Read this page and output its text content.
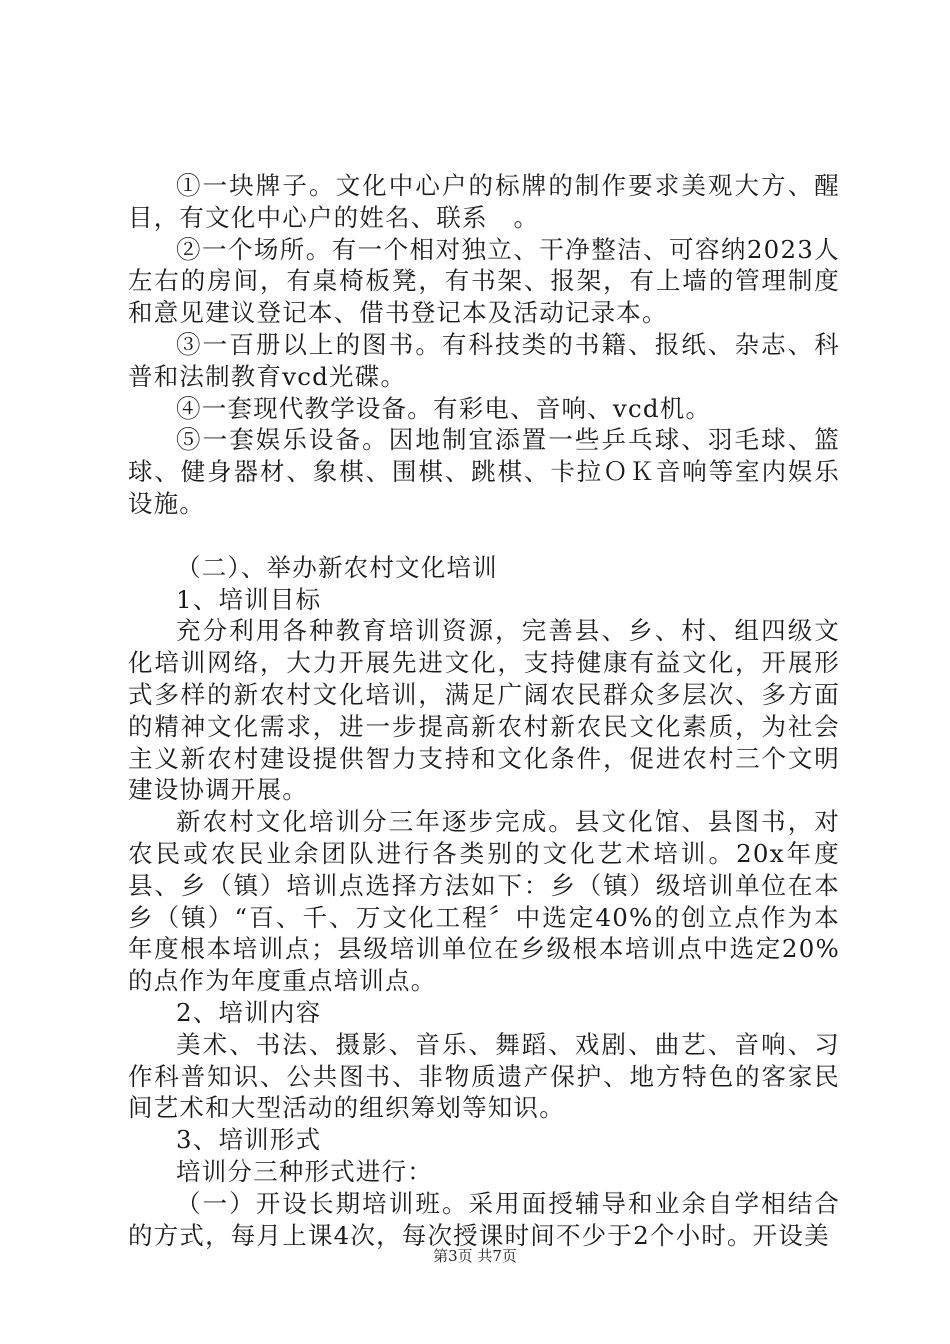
①一块牌子。文化中心户的标牌的制作要求美观大方、醒目，有文化中心户的姓名、联系　。

②一个场所。有一个相对独立、干净整洁、可容纳2023人左右的房间，有桌椅板凳，有书架、报架，有上墙的管理制度和意见建议登记本、借书登记本及活动记录本。

③一百册以上的图书。有科技类的书籍、报纸、杂志、科普和法制教育vcd光碟。

④一套现代教学设备。有彩电、音响、vcd机。

⑤一套娱乐设备。因地制宜添置一些乒乓球、羽毛球、篮球、健身器材、象棋、围棋、跳棋、卡拉ＯＫ音响等室内娱乐设施。

（二）、举办新农村文化培训

1、培训目标

充分利用各种教育培训资源，完善县、乡、村、组四级文化培训网络，大力开展先进文化，支持健康有益文化，开展形式多样的新农村文化培训，满足广阔农民群众多层次、多方面的精神文化需求，进一步提高新农村新农民文化素质，为社会主义新农村建设提供智力支持和文化条件，促进农村三个文明建设协调开展。

新农村文化培训分三年逐步完成。县文化馆、县图书，对农民或农民业余团队进行各类别的文化艺术培训。20x年度县、乡（镇）培训点选择方法如下：乡（镇）级培训单位在本乡（镇）“百、千、万文化工程〞中选定40%的创立点作为本年度根本培训点；县级培训单位在乡级根本培训点中选定20%的点作为年度重点培训点。

2、培训内容

美术、书法、摄影、音乐、舞蹈、戏剧、曲艺、音响、习作科普知识、公共图书、非物质遗产保护、地方特色的客家民间艺术和大型活动的组织筹划等知识。

3、培训形式

培训分三种形式进行：

（一）开设长期培训班。采用面授辅导和业余自学相结合的方式，每月上课4次，每次授课时间不少于2个小时。开设美

第3页 共7页
